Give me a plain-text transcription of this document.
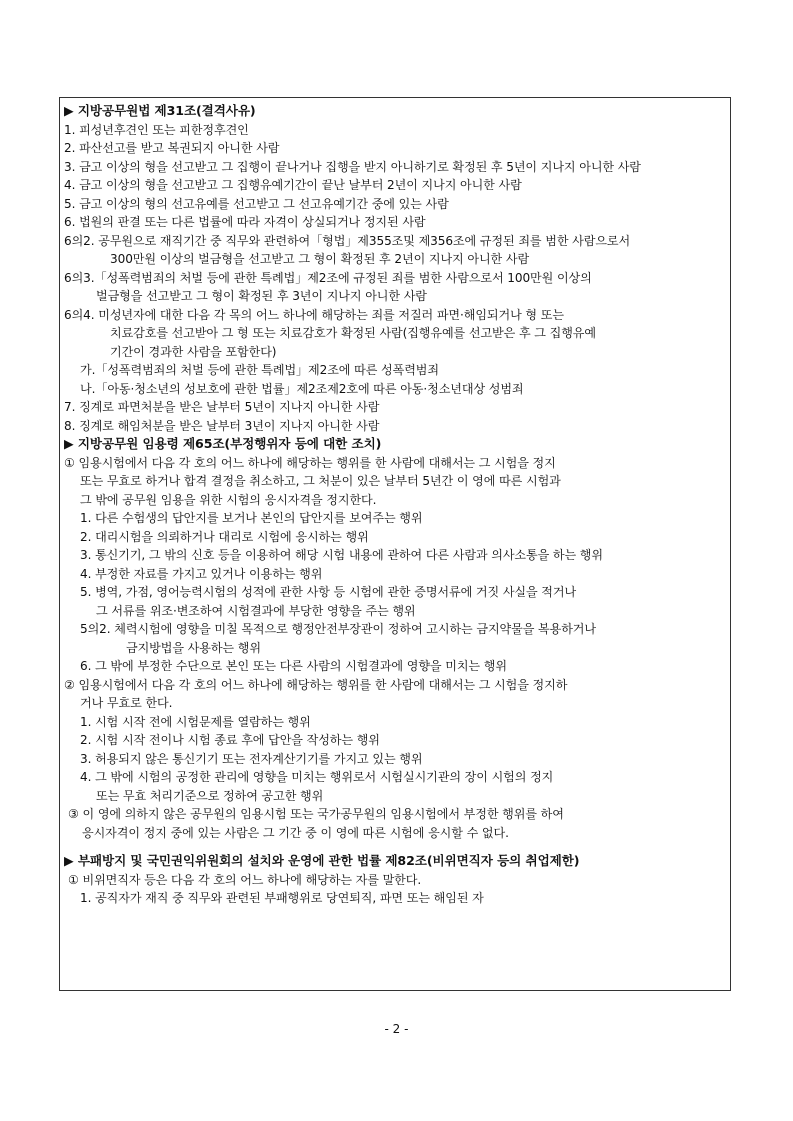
▶ 지방공무원법 제31조(결격사유)
1. 피성년후견인 또는 피한정후견인
2. 파산선고를 받고 복권되지 아니한 사람
3. 금고 이상의 형을 선고받고 그 집행이 끝나거나 집행을 받지 아니하기로 확정된 후 5년이 지나지 아니한 사람
4. 금고 이상의 형을 선고받고 그 집행유예기간이 끝난 날부터 2년이 지나지 아니한 사람
5. 금고 이상의 형의 선고유예를 선고받고 그 선고유예기간 중에 있는 사람
6. 법원의 판결 또는 다른 법률에 따라 자격이 상실되거나 정지된 사람
6의2. 공무원으로 재직기간 중 직무와 관련하여「형법」제355조및 제356조에 규정된 죄를 범한 사람으로서
300만원 이상의 벌금형을 선고받고 그 형이 확정된 후 2년이 지나지 아니한 사람
6의3.「성폭력범죄의 처벌 등에 관한 특례법」제2조에 규정된 죄를 범한 사람으로서 100만원 이상의
벌금형을 선고받고 그 형이 확정된 후 3년이 지나지 아니한 사람
6의4. 미성년자에 대한 다음 각 목의 어느 하나에 해당하는 죄를 저질러 파면·해임되거나 형 또는
치료감호를 선고받아 그 형 또는 치료감호가 확정된 사람(집행유예를 선고받은 후 그 집행유예
기간이 경과한 사람을 포함한다)
가.「성폭력범죄의 처벌 등에 관한 특례법」제2조에 따른 성폭력범죄
나.「아동·청소년의 성보호에 관한 법률」제2조제2호에 따른 아동·청소년대상 성범죄
7. 징계로 파면처분을 받은 날부터 5년이 지나지 아니한 사람
8. 징계로 해임처분을 받은 날부터 3년이 지나지 아니한 사람
▶ 지방공무원 임용령 제65조(부정행위자 등에 대한 조치)
① 임용시험에서 다음 각 호의 어느 하나에 해당하는 행위를 한 사람에 대해서는 그 시험을 정지
또는 무효로 하거나 합격 결정을 취소하고, 그 처분이 있은 날부터 5년간 이 영에 따른 시험과
그 밖에 공무원 임용을 위한 시험의 응시자격을 정지한다.
1. 다른 수험생의 답안지를 보거나 본인의 답안지를 보여주는 행위
2. 대리시험을 의뢰하거나 대리로 시험에 응시하는 행위
3. 통신기기, 그 밖의 신호 등을 이용하여 해당 시험 내용에 관하여 다른 사람과 의사소통을 하는 행위
4. 부정한 자료를 가지고 있거나 이용하는 행위
5. 병역, 가점, 영어능력시험의 성적에 관한 사항 등 시험에 관한 증명서류에 거짓 사실을 적거나
그 서류를 위조·변조하여 시험결과에 부당한 영향을 주는 행위
5의2. 체력시험에 영향을 미칠 목적으로 행정안전부장관이 정하여 고시하는 금지약물을 복용하거나
금지방법을 사용하는 행위
6. 그 밖에 부정한 수단으로 본인 또는 다른 사람의 시험결과에 영향을 미치는 행위
② 임용시험에서 다음 각 호의 어느 하나에 해당하는 행위를 한 사람에 대해서는 그 시험을 정지하
거나 무효로 한다.
1. 시험 시작 전에 시험문제를 열람하는 행위
2. 시험 시작 전이나 시험 종료 후에 답안을 작성하는 행위
3. 허용되지 않은 통신기기 또는 전자계산기기를 가지고 있는 행위
4. 그 밖에 시험의 공정한 관리에 영향을 미치는 행위로서 시험실시기관의 장이 시험의 정지
또는 무효 처리기준으로 정하여 공고한 행위
③ 이 영에 의하지 않은 공무원의 임용시험 또는 국가공무원의 임용시험에서 부정한 행위를 하여
응시자격이 정지 중에 있는 사람은 그 기간 중 이 영에 따른 시험에 응시할 수 없다.
▶ 부패방지 및 국민권익위원회의 설치와 운영에 관한 법률 제82조(비위면직자 등의 취업제한)
① 비위면직자 등은 다음 각 호의 어느 하나에 해당하는 자를 말한다.
1. 공직자가 재직 중 직무와 관련된 부패행위로 당연퇴직, 파면 또는 해임된 자
- 2 -
